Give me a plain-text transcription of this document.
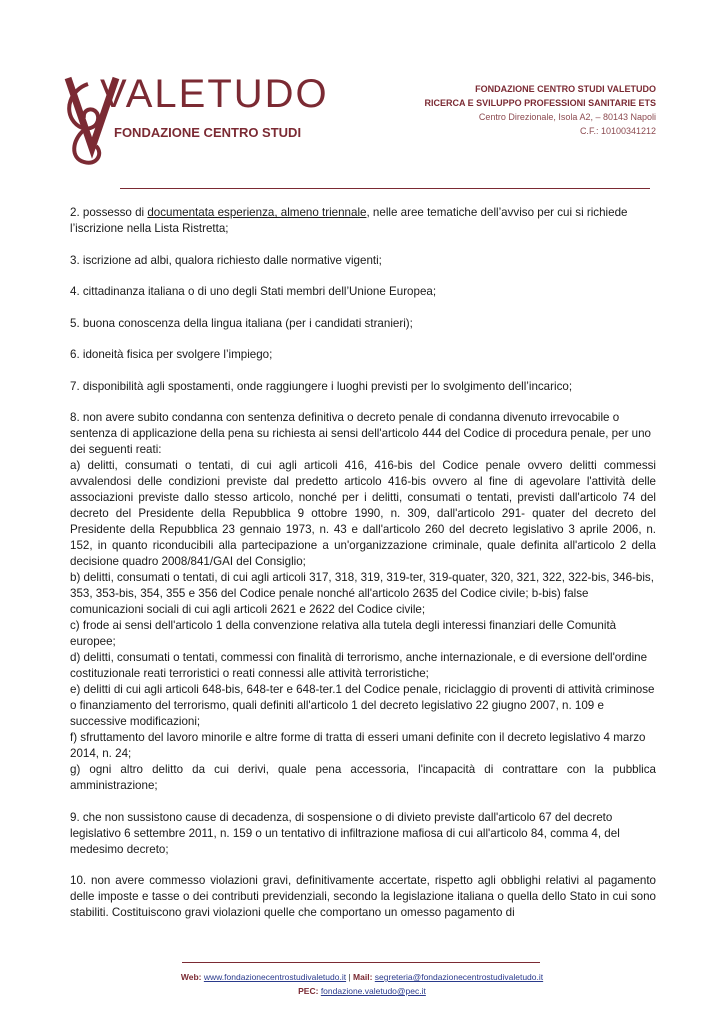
VALETUDO
FONDAZIONE CENTRO STUDI
FONDAZIONE CENTRO STUDI VALETUDO
RICERCA E SVILUPPO PROFESSIONI SANITARIE ETS
Centro Direzionale, Isola A2, – 80143 Napoli
C.F.: 10100341212

2. possesso di documentata esperienza, almeno triennale, nelle aree tematiche dell’avviso per cui si richiede l’iscrizione nella Lista Ristretta;

3. iscrizione ad albi, qualora richiesto dalle normative vigenti;

4. cittadinanza italiana o di uno degli Stati membri dell’Unione Europea;

5. buona conoscenza della lingua italiana (per i candidati stranieri);

6. idoneità fisica per svolgere l’impiego;

7. disponibilità agli spostamenti, onde raggiungere i luoghi previsti per lo svolgimento dell’incarico;

8. non avere subito condanna con sentenza definitiva o decreto penale di condanna divenuto irrevocabile o sentenza di applicazione della pena su richiesta ai sensi dell'articolo 444 del Codice di procedura penale, per uno dei seguenti reati:

a) delitti, consumati o tentati, di cui agli articoli 416, 416-bis del Codice penale ovvero delitti commessi avvalendosi delle condizioni previste dal predetto articolo 416-bis ovvero al fine di agevolare l'attività delle associazioni previste dallo stesso articolo, nonché per i delitti, consumati o tentati, previsti dall'articolo 74 del decreto del Presidente della Repubblica 9 ottobre 1990, n. 309, dall'articolo 291- quater del decreto del Presidente della Repubblica 23 gennaio 1973, n. 43 e dall'articolo 260 del decreto legislativo 3 aprile 2006, n. 152, in quanto riconducibili alla partecipazione a un'organizzazione criminale, quale definita all'articolo 2 della decisione quadro 2008/841/GAI del Consiglio;

b) delitti, consumati o tentati, di cui agli articoli 317, 318, 319, 319-ter, 319-quater, 320, 321, 322, 322-bis, 346-bis, 353, 353-bis, 354, 355 e 356 del Codice penale nonché all'articolo 2635 del Codice civile; b-bis) false comunicazioni sociali di cui agli articoli 2621 e 2622 del Codice civile;

c) frode ai sensi dell'articolo 1 della convenzione relativa alla tutela degli interessi finanziari delle Comunità europee;

d) delitti, consumati o tentati, commessi con finalità di terrorismo, anche internazionale, e di eversione dell'ordine costituzionale reati terroristici o reati connessi alle attività terroristiche;

e) delitti di cui agli articoli 648-bis, 648-ter e 648-ter.1 del Codice penale, riciclaggio di proventi di attività criminose o finanziamento del terrorismo, quali definiti all'articolo 1 del decreto legislativo 22 giugno 2007, n. 109 e successive modificazioni;

f) sfruttamento del lavoro minorile e altre forme di tratta di esseri umani definite con il decreto legislativo 4 marzo 2014, n. 24;

g) ogni altro delitto da cui derivi, quale pena accessoria, l'incapacità di contrattare con la pubblica amministrazione;

9. che non sussistono cause di decadenza, di sospensione o di divieto previste dall'articolo 67 del decreto legislativo 6 settembre 2011, n. 159 o un tentativo di infiltrazione mafiosa di cui all'articolo 84, comma 4, del medesimo decreto;

10. non avere commesso violazioni gravi, definitivamente accertate, rispetto agli obblighi relativi al pagamento delle imposte e tasse o dei contributi previdenziali, secondo la legislazione italiana o quella dello Stato in cui sono stabiliti. Costituiscono gravi violazioni quelle che comportano un omesso pagamento di

Web: www.fondazionecentrostudivaletudo.it | Mail: segreteria@fondazionecentrostudivaletudo.it
PEC: fondazione.valetudo@pec.it
